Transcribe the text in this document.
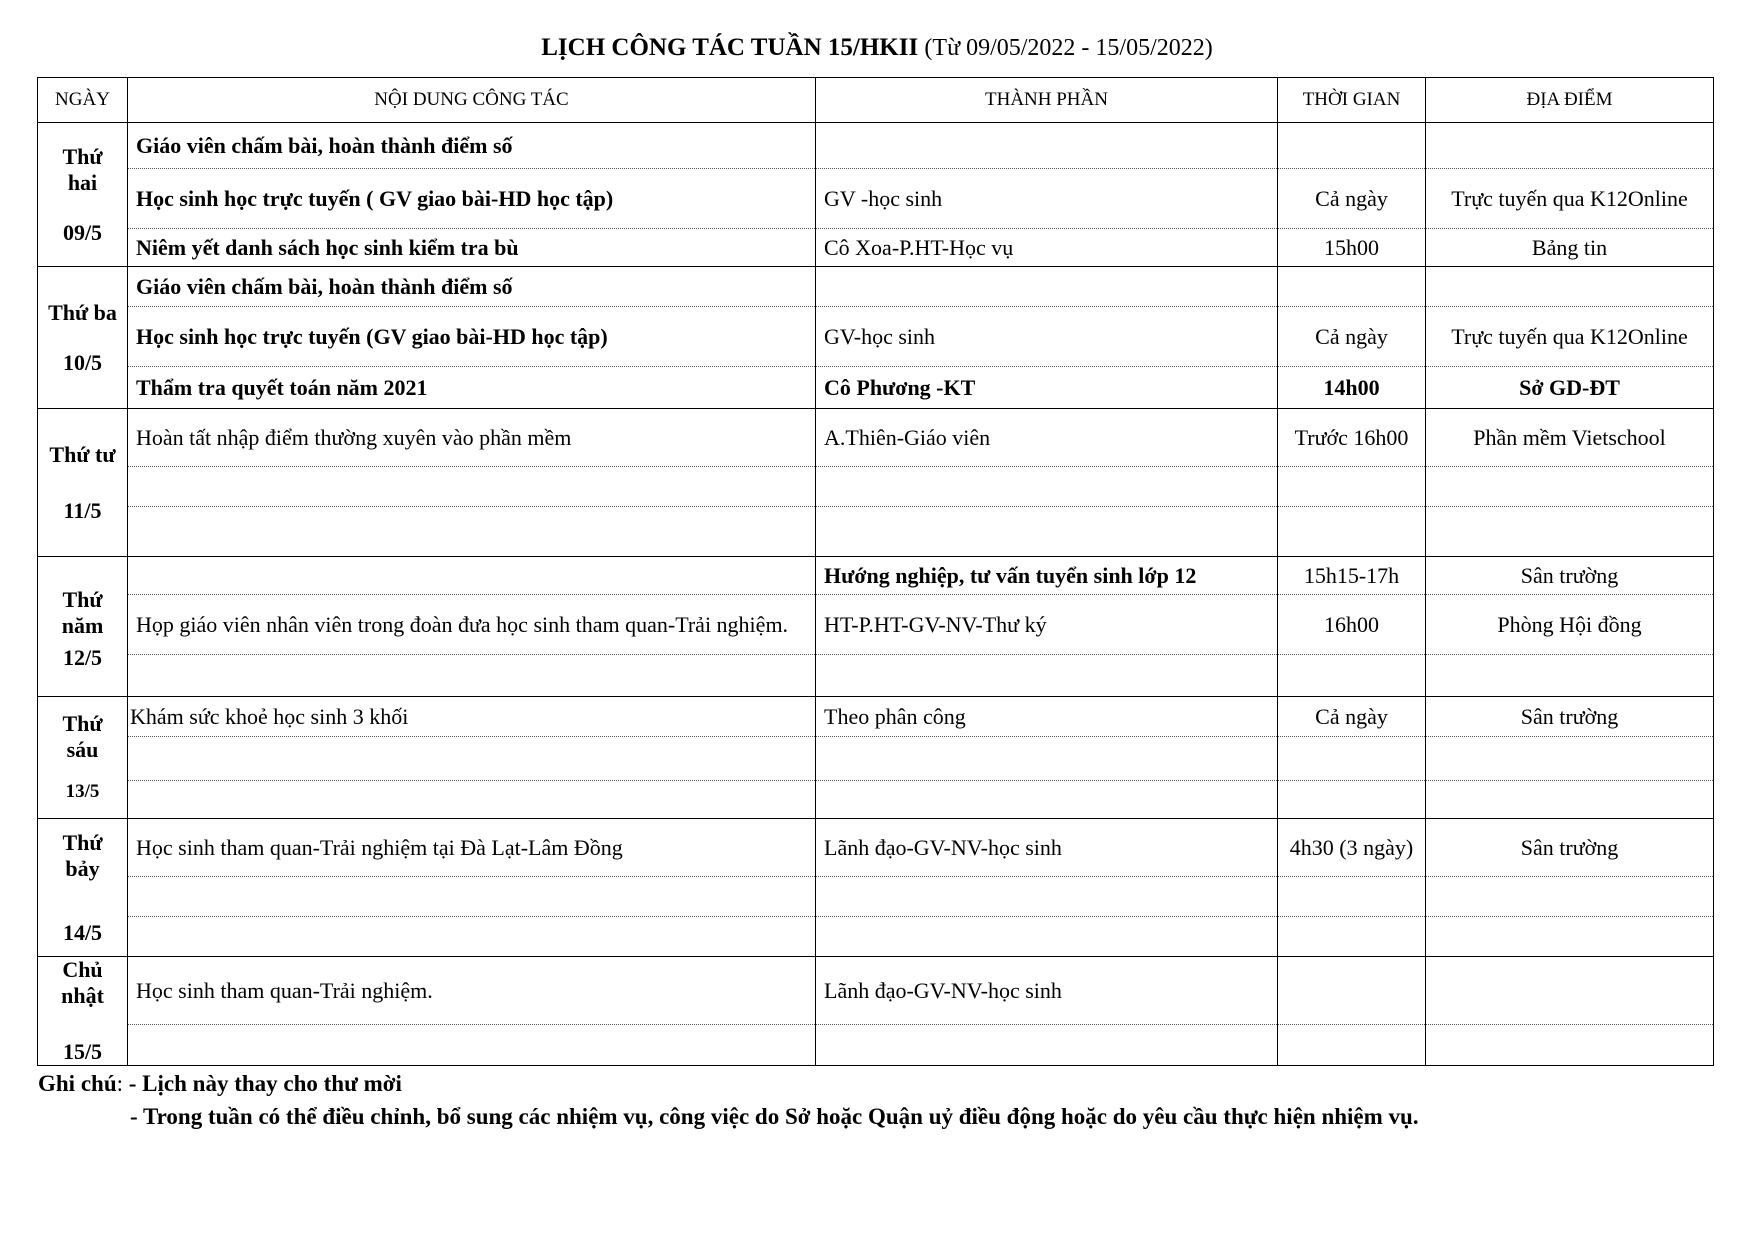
LỊCH CÔNG TÁC TUẦN 15/HKII (Từ 09/05/2022 - 15/05/2022)
NGÀY	NỘI DUNG CÔNG TÁC	THÀNH PHẦN	THỜI GIAN	ĐỊA ĐIỂM

Thứ hai
09/5	Giáo viên chấm bài, hoàn thành điểm số			
	Học sinh học trực tuyến ( GV giao bài-HD học tập)	GV -học sinh	Cả ngày	Trực tuyến qua K12Online
	Niêm yết danh sách học sinh kiểm tra bù	Cô Xoa-P.HT-Học vụ	15h00	Bảng tin

Thứ ba
10/5	Giáo viên chấm bài, hoàn thành điểm số			
	Học sinh học trực tuyến (GV giao bài-HD học tập)	GV-học sinh	Cả ngày	Trực tuyến qua K12Online
	Thẩm tra quyết toán năm 2021	Cô Phương -KT	14h00	Sở GD-ĐT

Thứ tư
11/5	Hoàn tất nhập điểm thường xuyên vào phần mềm	A.Thiên-Giáo viên	Trước 16h00	Phần mềm Vietschool

Thứ năm
12/5		Hướng nghiệp, tư vấn tuyển sinh lớp 12	15h15-17h	Sân trường
	Họp giáo viên nhân viên trong đoàn đưa học sinh tham quan-Trải nghiệm.	HT-P.HT-GV-NV-Thư ký	16h00	Phòng Hội đồng

Thứ sáu
13/5	Khám sức khoẻ học sinh 3 khối	Theo phân công	Cả ngày	Sân trường

Thứ bảy
14/5	Học sinh tham quan-Trải nghiệm tại Đà Lạt-Lâm Đồng	Lãnh đạo-GV-NV-học sinh	4h30 (3 ngày)	Sân trường

Chủ nhật
15/5	Học sinh tham quan-Trải nghiệm.	Lãnh đạo-GV-NV-học sinh		

Ghi chú: - Lịch này thay cho thư mời
- Trong tuần có thể điều chỉnh, bổ sung các nhiệm vụ, công việc do Sở hoặc Quận uỷ điều động hoặc do yêu cầu thực hiện nhiệm vụ.
